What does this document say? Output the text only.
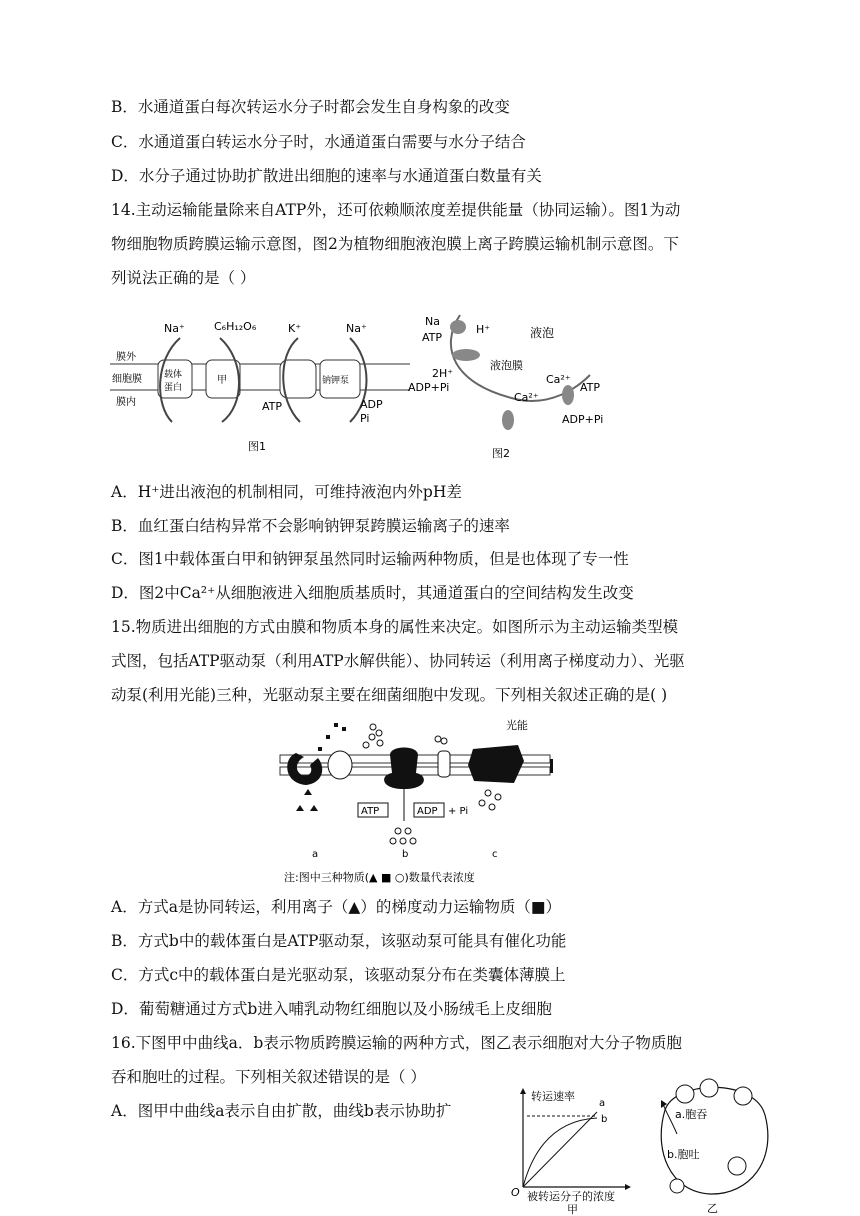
B．水通道蛋白每次转运水分子时都会发生自身构象的改变
C．水通道蛋白转运水分子时，水通道蛋白需要与水分子结合
D．水分子通过协助扩散进出细胞的速率与水通道蛋白数量有关
14.主动运输能量除来自ATP外，还可依赖顺浓度差提供能量（协同运输）。图1为动
物细胞物质跨膜运输示意图，图2为植物细胞液泡膜上离子跨膜运输机制示意图。下
列说法正确的是（ ）
膜外
细胞膜
膜内
载体
蛋白
甲	钠钾泵
Na⁺	C₆H₁₂O₆	K⁺	Na⁺
ATP	ADP
Pi
图1
Na
H⁺
ATP
2H⁺
ADP+Pi
液泡
液泡膜
Ca²⁺
Ca²⁺
ATP
ADP+Pi
图2
A．H⁺进出液泡的机制相同，可维持液泡内外pH差
B．血红蛋白结构异常不会影响钠钾泵跨膜运输离子的速率
C．图1中载体蛋白甲和钠钾泵虽然同时运输两种物质，但是也体现了专一性
D．图2中Ca²⁺从细胞液进入细胞质基质时，其通道蛋白的空间结构发生改变
15.物质进出细胞的方式由膜和物质本身的属性来决定。如图所示为主动运输类型模
式图，包括ATP驱动泵（利用ATP水解供能）、协同转运（利用离子梯度动力）、光驱
动泵(利用光能)三种，光驱动泵主要在细菌细胞中发现。下列相关叙述正确的是( )
ATP	ADP + Pi
光能
a	b	c
注:图中三种物质(▲ ■ ○)数量代表浓度
A．方式a是协同转运，利用离子（▲）的梯度动力运输物质（■）
B．方式b中的载体蛋白是ATP驱动泵，该驱动泵可能具有催化功能
C．方式c中的载体蛋白是光驱动泵，该驱动泵分布在类囊体薄膜上
D．葡萄糖通过方式b进入哺乳动物红细胞以及小肠绒毛上皮细胞
16.下图甲中曲线a．b表示物质跨膜运输的两种方式，图乙表示细胞对大分子物质胞
吞和胞吐的过程。下列相关叙述错误的是（ ）
A．图甲中曲线a表示自由扩散，曲线b表示协助扩
转运速率
a
b
O 被转运分子的浓度
甲
a.胞吞
b.胞吐
乙
